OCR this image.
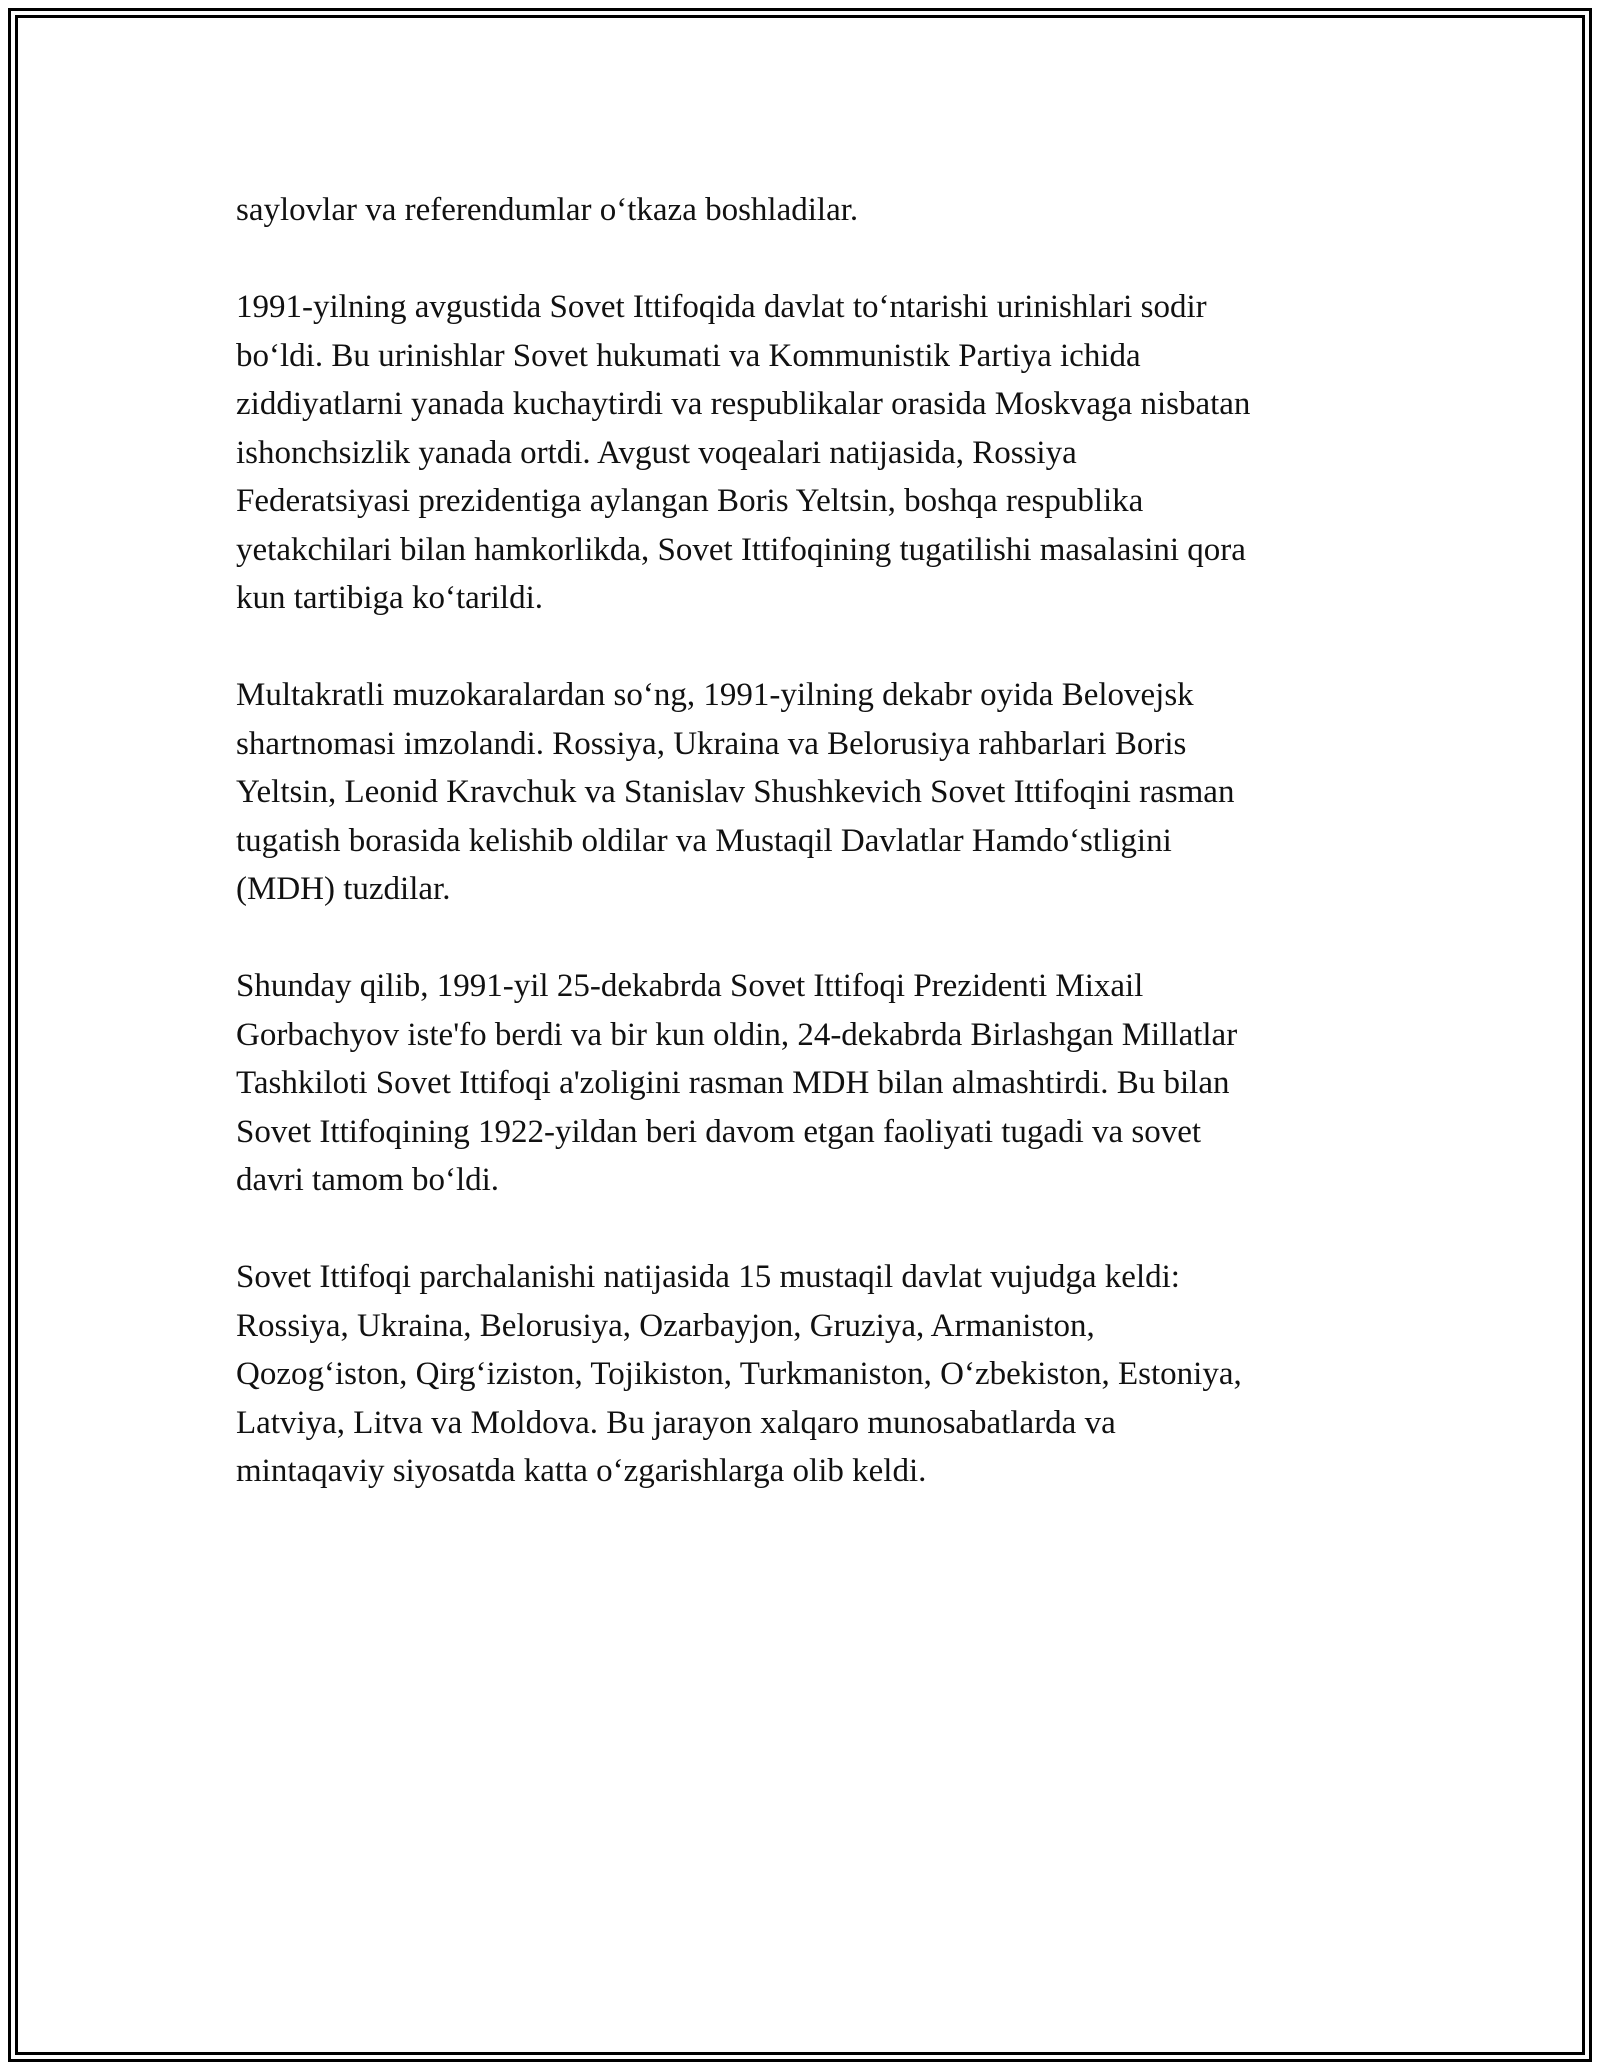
saylovlar va referendumlar o‘tkaza boshladilar.

1991-yilning avgustida Sovet Ittifoqida davlat to‘ntarishi urinishlari sodir
bo‘ldi. Bu urinishlar Sovet hukumati va Kommunistik Partiya ichida
ziddiyatlarni yanada kuchaytirdi va respublikalar orasida Moskvaga nisbatan
ishonchsizlik yanada ortdi. Avgust voqealari natijasida, Rossiya
Federatsiyasi prezidentiga aylangan Boris Yeltsin, boshqa respublika
yetakchilari bilan hamkorlikda, Sovet Ittifoqining tugatilishi masalasini qora
kun tartibiga ko‘tarildi.

Multakratli muzokaralardan so‘ng, 1991-yilning dekabr oyida Belovejsk
shartnomasi imzolandi. Rossiya, Ukraina va Belorusiya rahbarlari Boris
Yeltsin, Leonid Kravchuk va Stanislav Shushkevich Sovet Ittifoqini rasman
tugatish borasida kelishib oldilar va Mustaqil Davlatlar Hamdo‘stligini
(MDH) tuzdilar.

Shunday qilib, 1991-yil 25-dekabrda Sovet Ittifoqi Prezidenti Mixail
Gorbachyov iste'fo berdi va bir kun oldin, 24-dekabrda Birlashgan Millatlar
Tashkiloti Sovet Ittifoqi a'zoligini rasman MDH bilan almashtirdi. Bu bilan
Sovet Ittifoqining 1922-yildan beri davom etgan faoliyati tugadi va sovet
davri tamom bo‘ldi.

Sovet Ittifoqi parchalanishi natijasida 15 mustaqil davlat vujudga keldi:
Rossiya, Ukraina, Belorusiya, Ozarbayjon, Gruziya, Armaniston,
Qozog‘iston, Qirg‘iziston, Tojikiston, Turkmaniston, O‘zbekiston, Estoniya,
Latviya, Litva va Moldova. Bu jarayon xalqaro munosabatlarda va
mintaqaviy siyosatda katta o‘zgarishlarga olib keldi.
